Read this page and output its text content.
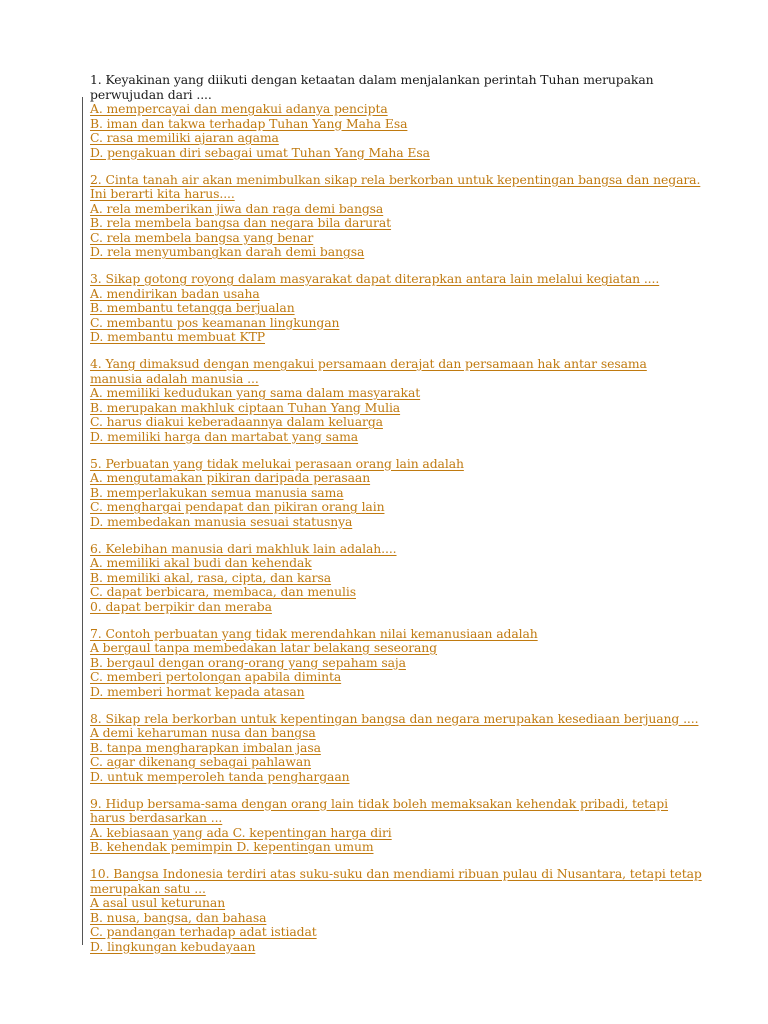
1. Keyakinan yang diikuti dengan ketaatan dalam menjalankan perintah Tuhan merupakan
perwujudan dari ....
A. mempercayai dan mengakui adanya pencipta
B. iman dan takwa terhadap Tuhan Yang Maha Esa
C. rasa memiliki ajaran agama
D. pengakuan diri sebagai umat Tuhan Yang Maha Esa
2. Cinta tanah air akan menimbulkan sikap rela berkorban untuk kepentingan bangsa dan negara.
Ini berarti kita harus....
A. rela memberikan jiwa dan raga demi bangsa
B. rela membela bangsa dan negara bila darurat
C. rela membela bangsa yang benar
D. rela menyumbangkan darah demi bangsa
3. Sikap gotong royong dalam masyarakat dapat diterapkan antara lain melalui kegiatan ....
A. mendirikan badan usaha
B. membantu tetangga berjualan
C. membantu pos keamanan lingkungan
D. membantu membuat KTP
4. Yang dimaksud dengan mengakui persamaan derajat dan persamaan hak antar sesama
manusia adalah manusia ...
A. memiliki kedudukan yang sama dalam masyarakat
B. merupakan makhluk ciptaan Tuhan Yang Mulia
C. harus diakui keberadaannya dalam keluarga
D. memiliki harga dan martabat yang sama
5. Perbuatan yang tidak melukai perasaan orang lain adalah
A. mengutamakan pikiran daripada perasaan
B. memperlakukan semua manusia sama
C. menghargai pendapat dan pikiran orang lain
D. membedakan manusia sesuai statusnya
6. Kelebihan manusia dari makhluk lain adalah....
A. memiliki akal budi dan kehendak
B. memiliki akal, rasa, cipta, dan karsa
C. dapat berbicara, membaca, dan menulis
0. dapat berpikir dan meraba
7. Contoh perbuatan yang tidak merendahkan nilai kemanusiaan adalah
A bergaul tanpa membedakan latar belakang seseorang
B. bergaul dengan orang-orang yang sepaham saja
C. memberi pertolongan apabila diminta
D. memberi hormat kepada atasan
8. Sikap rela berkorban untuk kepentingan bangsa dan negara merupakan kesediaan berjuang ....
A demi keharuman nusa dan bangsa
B. tanpa mengharapkan imbalan jasa
C. agar dikenang sebagai pahlawan
D. untuk memperoleh tanda penghargaan
9. Hidup bersama-sama dengan orang lain tidak boleh memaksakan kehendak pribadi, tetapi
harus berdasarkan ...
A. kebiasaan yang ada C. kepentingan harga diri
B. kehendak pemimpin D. kepentingan umum
10. Bangsa Indonesia terdiri atas suku-suku dan mendiami ribuan pulau di Nusantara, tetapi tetap
merupakan satu ...
A asal usul keturunan
B. nusa, bangsa, dan bahasa
C. pandangan terhadap adat istiadat
D. lingkungan kebudayaan
